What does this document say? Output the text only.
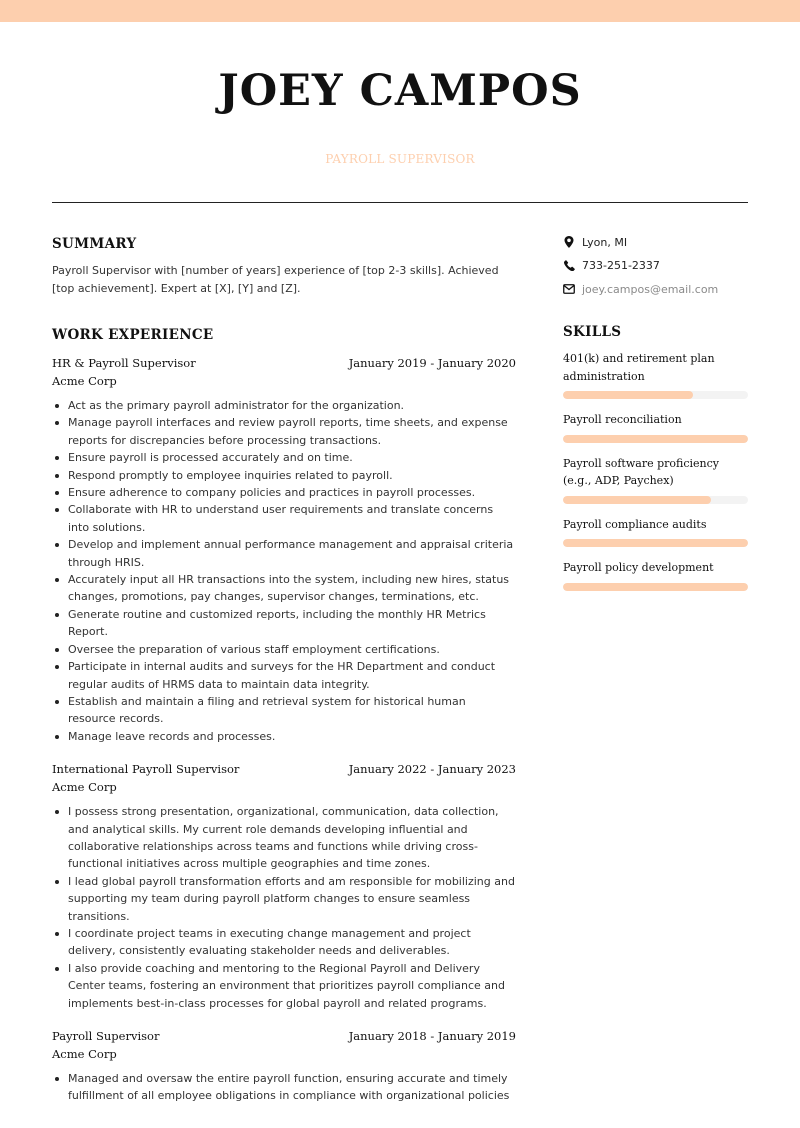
JOEY CAMPOS
PAYROLL SUPERVISOR
SUMMARY

Payroll Supervisor with [number of years] experience of [top 2-3 skills]. Achieved [top achievement]. Expert at [X], [Y] and [Z].

WORK EXPERIENCE
HR & Payroll Supervisor	January 2019 - January 2020
Acme Corp
Act as the primary payroll administrator for the organization.
Manage payroll interfaces and review payroll reports, time sheets, and expense reports for discrepancies before processing transactions.
Ensure payroll is processed accurately and on time.
Respond promptly to employee inquiries related to payroll.
Ensure adherence to company policies and practices in payroll processes.
Collaborate with HR to understand user requirements and translate concerns into solutions.
Develop and implement annual performance management and appraisal criteria through HRIS.
Accurately input all HR transactions into the system, including new hires, status changes, promotions, pay changes, supervisor changes, terminations, etc.
Generate routine and customized reports, including the monthly HR Metrics Report.
Oversee the preparation of various staff employment certifications.
Participate in internal audits and surveys for the HR Department and conduct regular audits of HRMS data to maintain data integrity.
Establish and maintain a filing and retrieval system for historical human resource records.
Manage leave records and processes.
International Payroll Supervisor	January 2022 - January 2023
Acme Corp
I possess strong presentation, organizational, communication, data collection, and analytical skills. My current role demands developing influential and collaborative relationships across teams and functions while driving cross-functional initiatives across multiple geographies and time zones.
I lead global payroll transformation efforts and am responsible for mobilizing and supporting my team during payroll platform changes to ensure seamless transitions.
I coordinate project teams in executing change management and project delivery, consistently evaluating stakeholder needs and deliverables.
I also provide coaching and mentoring to the Regional Payroll and Delivery Center teams, fostering an environment that prioritizes payroll compliance and implements best-in-class processes for global payroll and related programs.
Payroll Supervisor	January 2018 - January 2019
Acme Corp
Managed and oversaw the entire payroll function, ensuring accurate and timely fulfillment of all employee obligations in compliance with organizational policies
Lyon, MI
733-251-2337
joey.campos@email.com
SKILLS
401(k) and retirement plan administration
Payroll reconciliation
Payroll software proficiency (e.g., ADP, Paychex)
Payroll compliance audits
Payroll policy development
